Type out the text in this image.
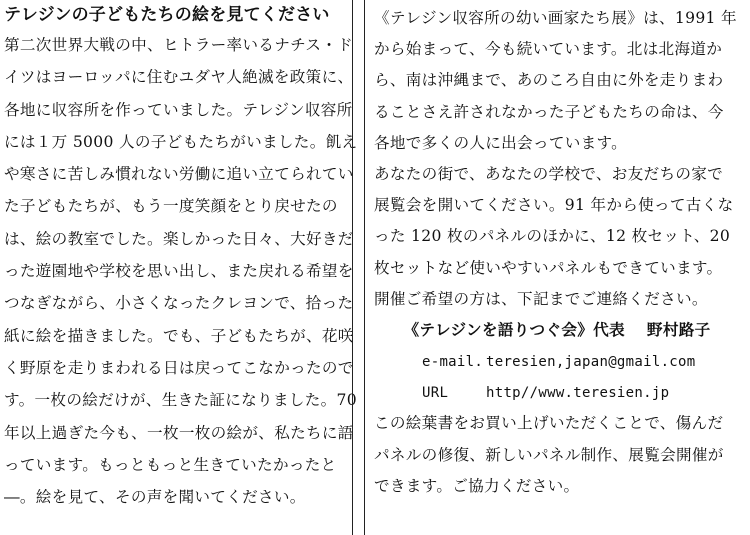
テレジンの子どもたちの絵を見てください
第二次世界大戦の中、ヒトラー率いるナチス・ド
イツはヨーロッパに住むユダヤ人絶滅を政策に、
各地に収容所を作っていました。テレジン収容所
には１万 5000 人の子どもたちがいました。飢え
や寒さに苦しみ慣れない労働に追い立てられてい
た子どもたちが、もう一度笑顔をとり戻せたの
は、絵の教室でした。楽しかった日々、大好きだ
った遊園地や学校を思い出し、また戻れる希望を
つなぎながら、小さくなったクレヨンで、拾った
紙に絵を描きました。でも、子どもたちが、花咲
く野原を走りまわれる日は戻ってこなかったので
す。一枚の絵だけが、生きた証になりました。70
年以上過ぎた今も、一枚一枚の絵が、私たちに語
っています。もっともっと生きていたかったと
―。絵を見て、その声を聞いてください。
《テレジン収容所の幼い画家たち展》は、1991 年
から始まって、今も続いています。北は北海道か
ら、南は沖縄まで、あのころ自由に外を走りまわ
ることさえ許されなかった子どもたちの命は、今
各地で多くの人に出会っています。
あなたの街で、あなたの学校で、お友だちの家で
展覧会を開いてください。91 年から使って古くな
った 120 枚のパネルのほかに、12 枚セット、20
枚セットなど使いやすいパネルもできています。
開催ご希望の方は、下記までご連絡ください。
《テレジンを語りつぐ会》代表 野村路子
e-mail. teresien,japan@gmail.com
URL	http//www.teresien.jp
この絵葉書をお買い上げいただくことで、傷んだ
パネルの修復、新しいパネル制作、展覧会開催が
できます。ご協力ください。
